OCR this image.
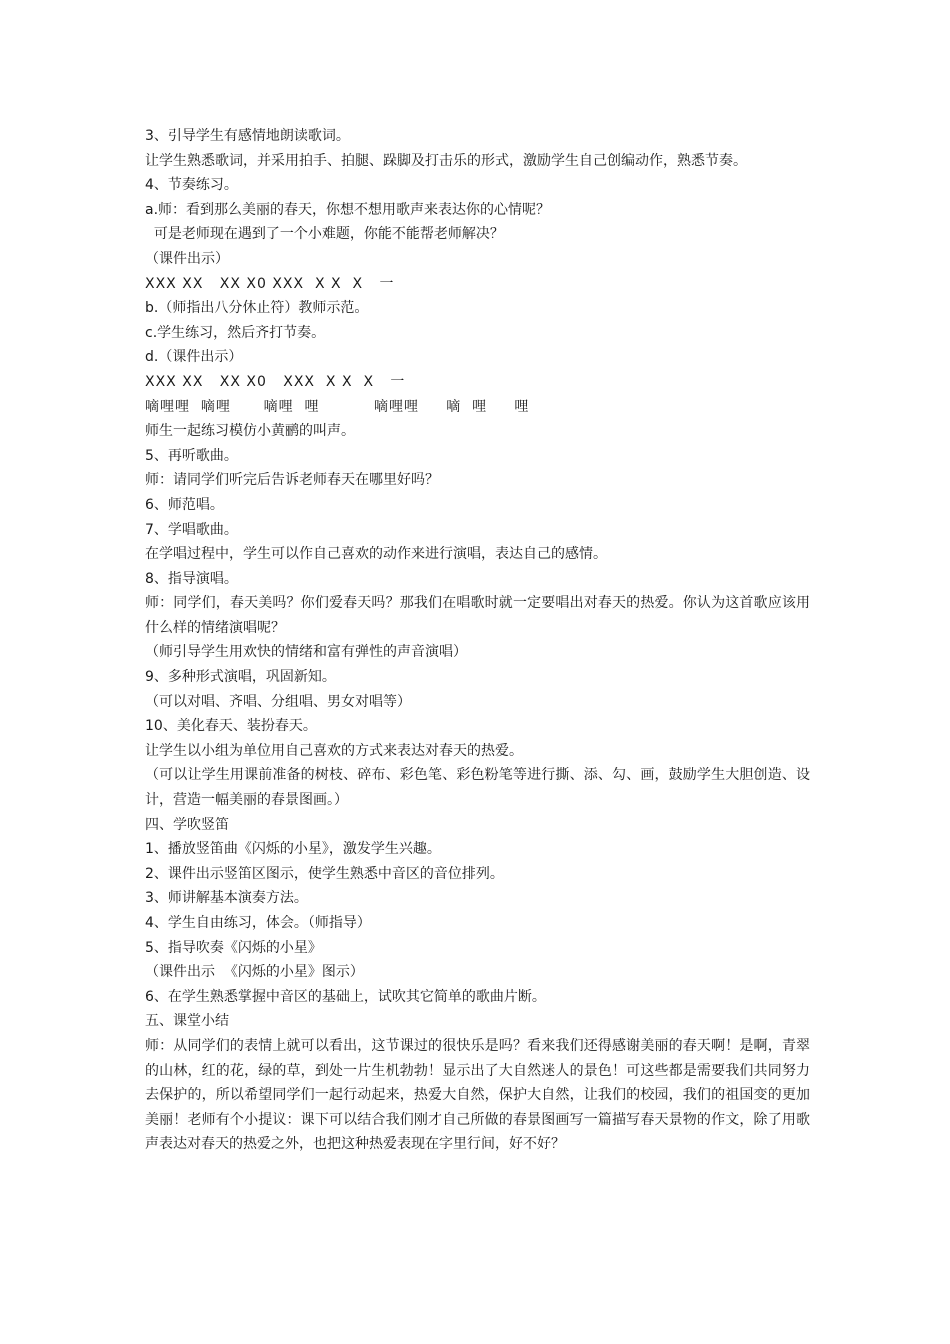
3、引导学生有感情地朗读歌词。

让学生熟悉歌词，并采用拍手、拍腿、跺脚及打击乐的形式，激励学生自己创编动作，熟悉节奏。

4、节奏练习。

a.师：看到那么美丽的春天，你想不想用歌声来表达你的心情呢？

可是老师现在遇到了一个小难题，你能不能帮老师解决？

（课件出示）

XXX XX   XX X0 XXX  X X  X   一

b.（师指出八分休止符）教师示范。

c.学生练习，然后齐打节奏。

d.（课件出示）

XXX XX   XX X0   XXX  X X  X   一

嘀哩哩  嘀哩      嘀哩  哩          嘀哩哩     嘀  哩     哩

师生一起练习模仿小黄鹂的叫声。

5、再听歌曲。

师：请同学们听完后告诉老师春天在哪里好吗？

6、师范唱。

7、学唱歌曲。

在学唱过程中，学生可以作自己喜欢的动作来进行演唱，表达自己的感情。

8、指导演唱。

师：同学们，春天美吗？你们爱春天吗？那我们在唱歌时就一定要唱出对春天的热爱。你认为这首歌应该用什么样的情绪演唱呢？

（师引导学生用欢快的情绪和富有弹性的声音演唱）

9、多种形式演唱，巩固新知。

（可以对唱、齐唱、分组唱、男女对唱等）

10、美化春天、装扮春天。

让学生以小组为单位用自己喜欢的方式来表达对春天的热爱。

（可以让学生用课前准备的树枝、碎布、彩色笔、彩色粉笔等进行撕、添、勾、画，鼓励学生大胆创造、设计，营造一幅美丽的春景图画。）

四、学吹竖笛

1、播放竖笛曲《闪烁的小星》，激发学生兴趣。

2、课件出示竖笛区图示，使学生熟悉中音区的音位排列。

3、师讲解基本演奏方法。

4、学生自由练习，体会。（师指导）

5、指导吹奏《闪烁的小星》

（课件出示  《闪烁的小星》图示）

6、在学生熟悉掌握中音区的基础上，试吹其它简单的歌曲片断。

五、课堂小结

师：从同学们的表情上就可以看出，这节课过的很快乐是吗？看来我们还得感谢美丽的春天啊！是啊，青翠的山林，红的花，绿的草，到处一片生机勃勃！显示出了大自然迷人的景色！可这些都是需要我们共同努力去保护的，所以希望同学们一起行动起来，热爱大自然，保护大自然，让我们的校园，我们的祖国变的更加美丽！老师有个小提议：课下可以结合我们刚才自己所做的春景图画写一篇描写春天景物的作文，除了用歌声表达对春天的热爱之外，也把这种热爱表现在字里行间，好不好？
